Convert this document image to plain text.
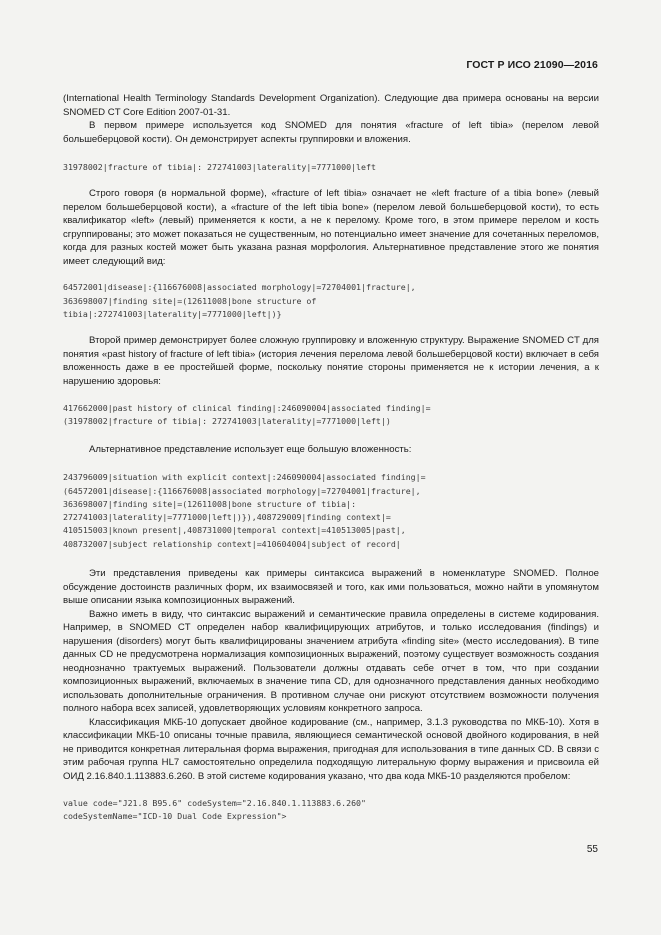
ГОСТ Р ИСО 21090—2016

(International Health Terminology Standards Development Organization). Следующие два примера основаны на версии SNOMED CT Core Edition 2007-01-31.

В первом примере используется код SNOMED для понятия «fracture of left tibia» (перелом левой большеберцовой кости). Он демонстрирует аспекты группировки и вложения.

31978002|fracture of tibia|: 272741003|laterality|=7771000|left

Строго говоря (в нормальной форме), «fracture of left tibia» означает не «left fracture of a tibia bone» (левый перелом большеберцовой кости), а «fracture of the left tibia bone» (перелом левой большеберцовой кости), то есть квалификатор «left» (левый) применяется к кости, а не к перелому. Кроме того, в этом примере перелом и кость сгруппированы; это может показаться не существенным, но потенциально имеет значение для сочетанных переломов, когда для разных костей может быть указана разная морфология. Альтернативное представление этого же понятия имеет следующий вид:

64572001|disease|:{116676008|associated morphology|=72704001|fracture|,
363698007|finding site|=(12611008|bone structure of
tibia|:272741003|laterality|=7771000|left|)}

Второй пример демонстрирует более сложную группировку и вложенную структуру. Выражение SNOMED CT для понятия «past history of fracture of left tibia» (история лечения перелома левой большеберцовой кости) включает в себя вложенность даже в ее простейшей форме, поскольку понятие стороны применяется не к истории лечения, а к нарушению здоровья:

417662000|past history of clinical finding|:246090004|associated finding|=
(31978002|fracture of tibia|: 272741003|laterality|=7771000|left|)

Альтернативное представление использует еще большую вложенность:

243796009|situation with explicit context|:246090004|associated finding|=
(64572001|disease|:{116676008|associated morphology|=72704001|fracture|,
363698007|finding site|=(12611008|bone structure of tibia|:
272741003|laterality|=7771000|left|)}),408729009|finding context|=
410515003|known present|,408731000|temporal context|=410513005|past|,
408732007|subject relationship context|=410604004|subject of record|

Эти представления приведены как примеры синтаксиса выражений в номенклатуре SNOMED. Полное обсуждение достоинств различных форм, их взаимосвязей и того, как ими пользоваться, можно найти в упомянутом выше описании языка композиционных выражений.

Важно иметь в виду, что синтаксис выражений и семантические правила определены в системе кодирования. Например, в SNOMED CT определен набор квалифицирующих атрибутов, и только исследования (findings) и нарушения (disorders) могут быть квалифицированы значением атрибута «finding site» (место исследования). В типе данных CD не предусмотрена нормализация композиционных выражений, поэтому существует возможность создания неоднозначно трактуемых выражений. Пользователи должны отдавать себе отчет в том, что при создании композиционных выражений, включаемых в значение типа CD, для однозначного представления данных необходимо использовать дополнительные ограничения. В противном случае они рискуют отсутствием возможности получения полного набора всех записей, удовлетворяющих условиям конкретного запроса.

Классификация МКБ-10 допускает двойное кодирование (см., например, 3.1.3 руководства по МКБ-10). Хотя в классификации МКБ-10 описаны точные правила, являющиеся семантической основой двойного кодирования, в ней не приводится конкретная литеральная форма выражения, пригодная для использования в типе данных CD. В связи с этим рабочая группа HL7 самостоятельно определила подходящую литеральную форму выражения и присвоила ей ОИД 2.16.840.1.113883.6.260. В этой системе кодирования указано, что два кода МКБ-10 разделяются пробелом:

value code="J21.8 B95.6" codeSystem="2.16.840.1.113883.6.260"
codeSystemName="ICD-10 Dual Code Expression">
55
